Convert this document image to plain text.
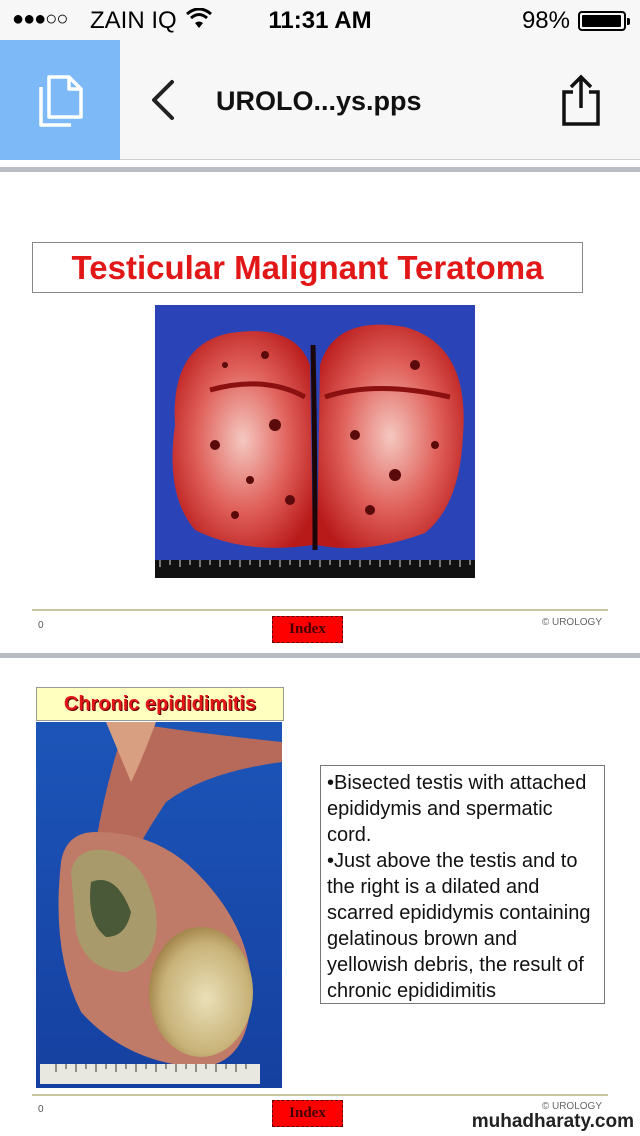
●●●○○ ZAIN IQ	11:31 AM	98%
UROLO...ys.pps
Testicular Malignant Teratoma
0	© UROLOGY
Index
Chronic epididimitis

•Bisected testis with attached epididymis and spermatic cord.

•Just above the testis and to the right is a dilated and scarred epididymis containing gelatinous brown and yellowish debris, the result of chronic epididimitis

0	© UROLOGY
Index	muhadharaty.com
